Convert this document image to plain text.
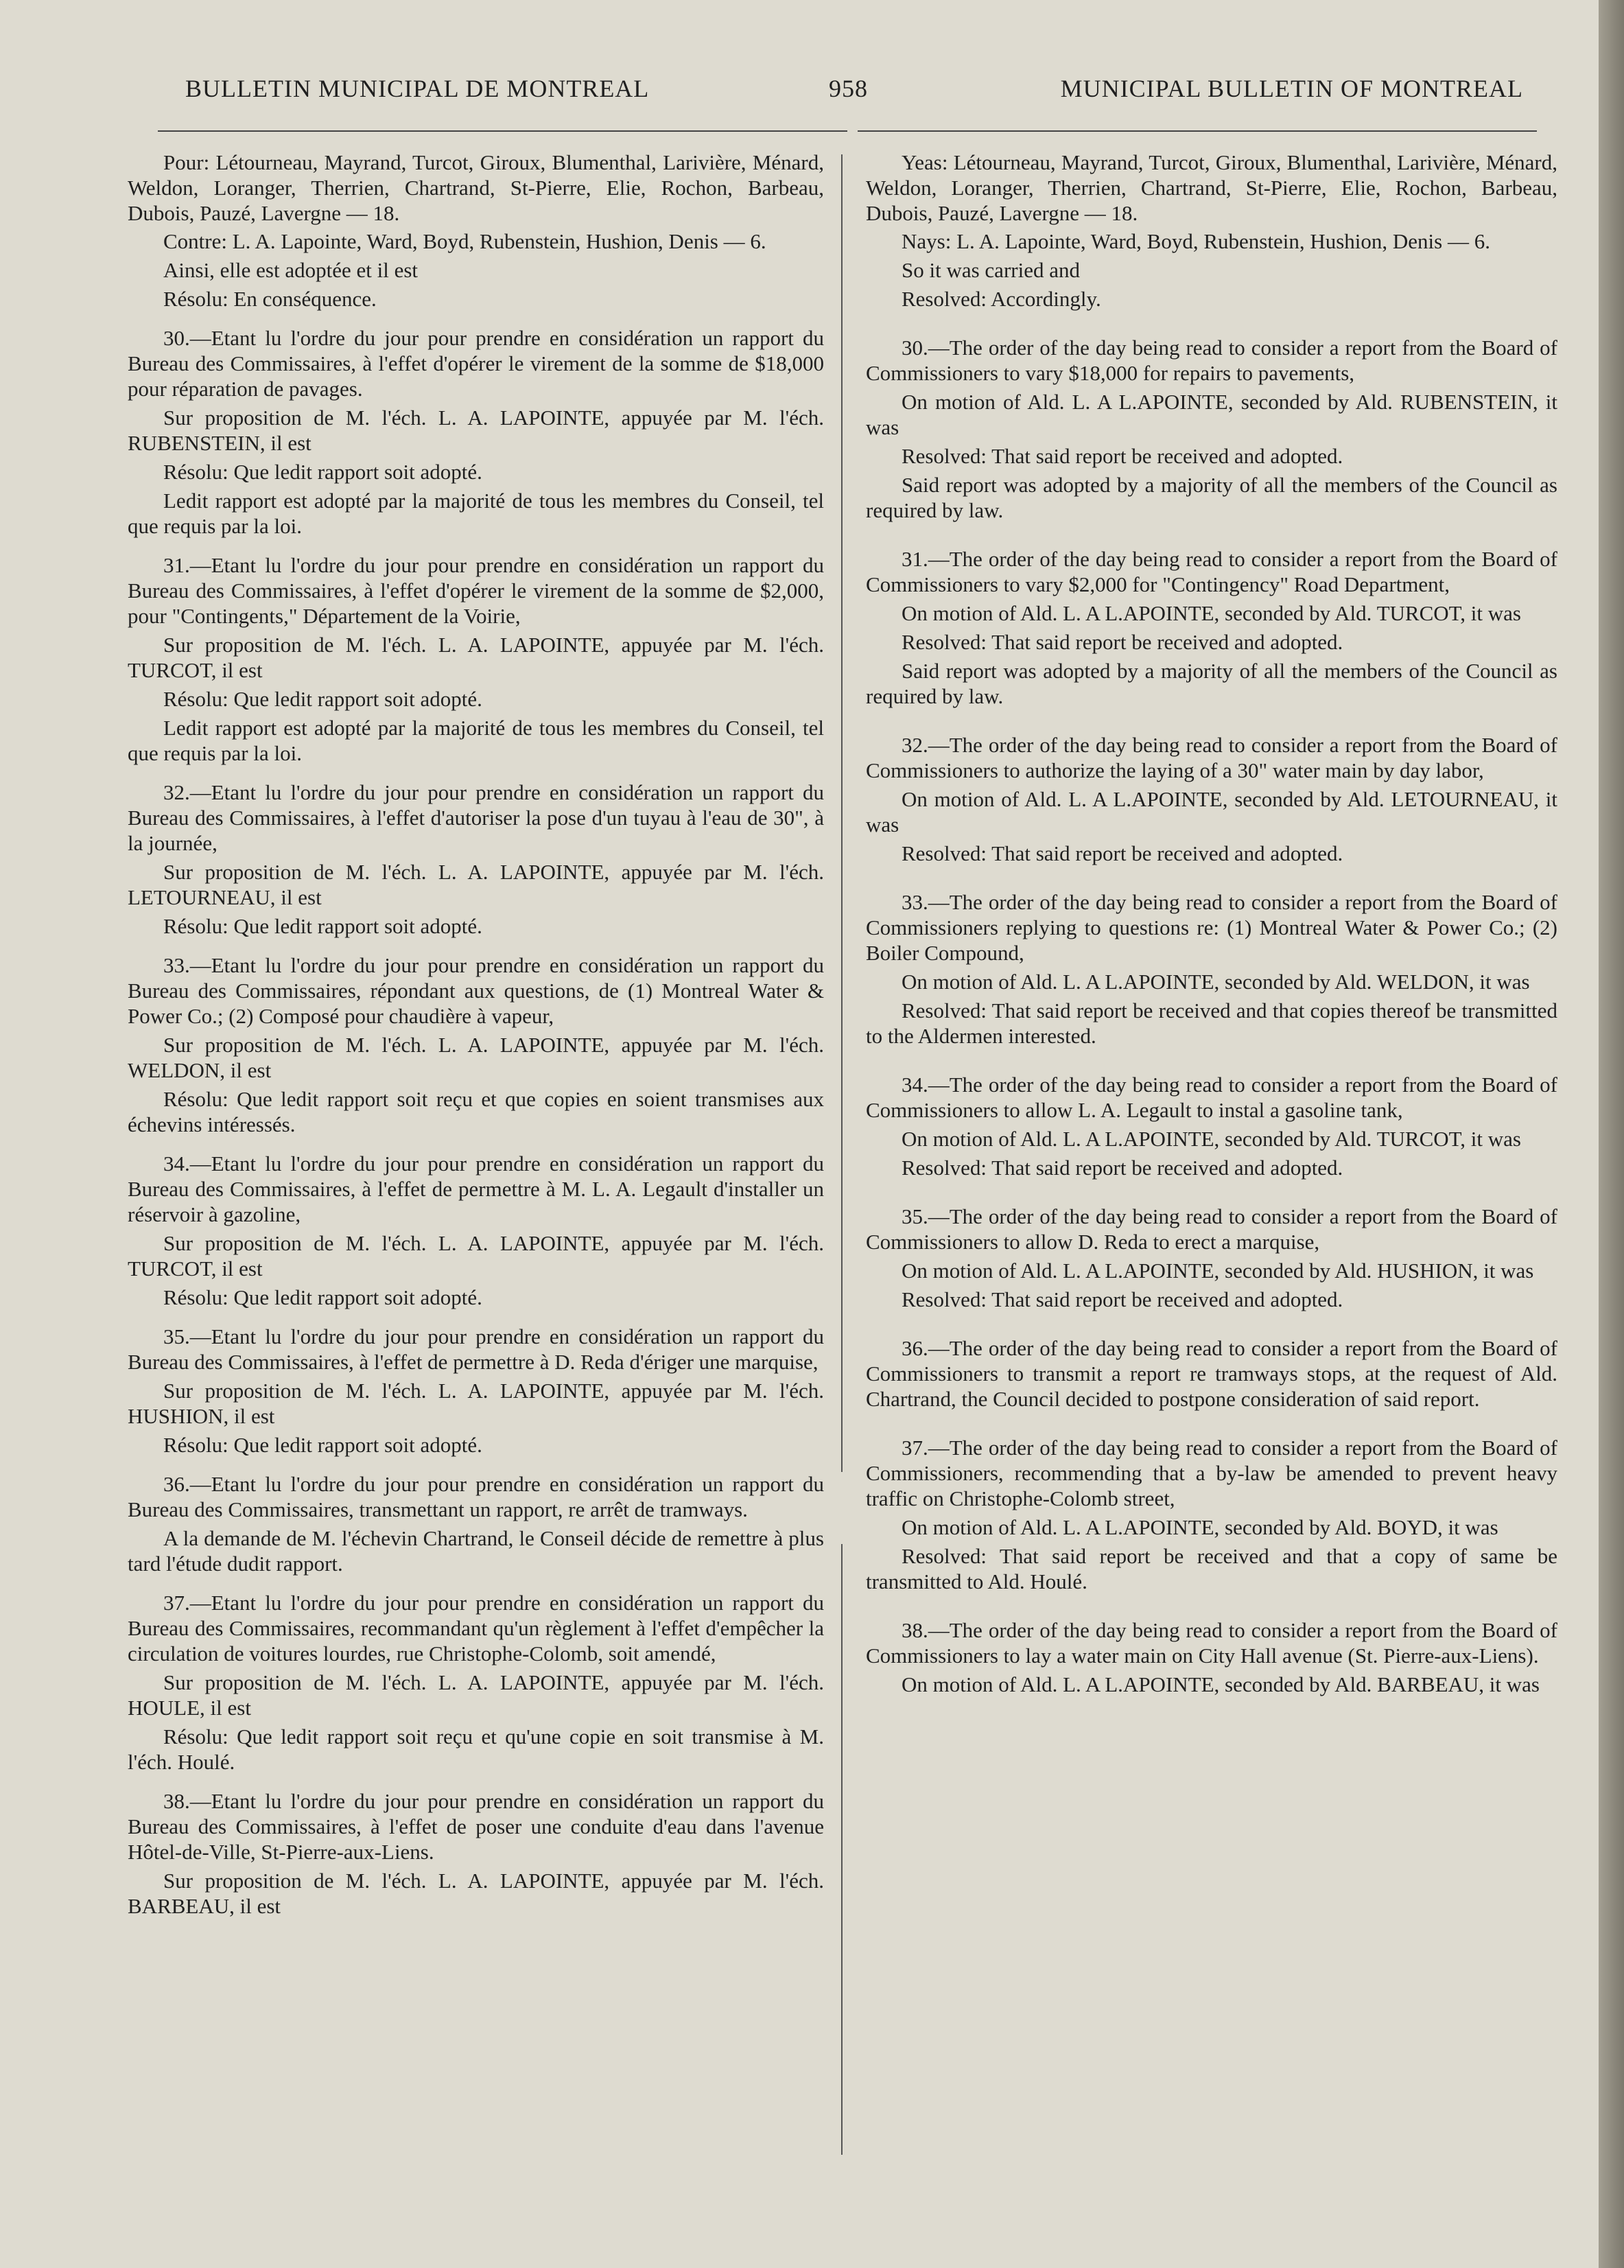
BULLETIN MUNICIPAL DE MONTREAL	958	MUNICIPAL BULLETIN OF MONTREAL

Pour: Létourneau, Mayrand, Turcot, Giroux, Blumenthal, Larivière, Ménard, Weldon, Loranger, Therrien, Chartrand, St-Pierre, Elie, Rochon, Barbeau, Dubois, Pauzé, Lavergne — 18.

Contre: L. A. Lapointe, Ward, Boyd, Rubenstein, Hushion, Denis — 6.

Ainsi, elle est adoptée et il est

Résolu: En conséquence.

30.—Etant lu l'ordre du jour pour prendre en considération un rapport du Bureau des Commissaires, à l'effet d'opérer le virement de la somme de $18,000 pour réparation de pavages.

Sur proposition de M. l'éch. L. A. LAPOINTE, appuyée par M. l'éch. RUBENSTEIN, il est

Résolu: Que ledit rapport soit adopté.

Ledit rapport est adopté par la majorité de tous les membres du Conseil, tel que requis par la loi.

31.—Etant lu l'ordre du jour pour prendre en considération un rapport du Bureau des Commissaires, à l'effet d'opérer le virement de la somme de $2,000, pour "Contingents," Département de la Voirie,

Sur proposition de M. l'éch. L. A. LAPOINTE, appuyée par M. l'éch. TURCOT, il est

Résolu: Que ledit rapport soit adopté.

Ledit rapport est adopté par la majorité de tous les membres du Conseil, tel que requis par la loi.

32.—Etant lu l'ordre du jour pour prendre en considération un rapport du Bureau des Commissaires, à l'effet d'autoriser la pose d'un tuyau à l'eau de 30", à la journée,

Sur proposition de M. l'éch. L. A. LAPOINTE, appuyée par M. l'éch. LETOURNEAU, il est

Résolu: Que ledit rapport soit adopté.

33.—Etant lu l'ordre du jour pour prendre en considération un rapport du Bureau des Commissaires, répondant aux questions, de (1) Montreal Water & Power Co.; (2) Composé pour chaudière à vapeur,

Sur proposition de M. l'éch. L. A. LAPOINTE, appuyée par M. l'éch. WELDON, il est

Résolu: Que ledit rapport soit reçu et que copies en soient transmises aux échevins intéressés.

34.—Etant lu l'ordre du jour pour prendre en considération un rapport du Bureau des Commissaires, à l'effet de permettre à M. L. A. Legault d'installer un réservoir à gazoline,

Sur proposition de M. l'éch. L. A. LAPOINTE, appuyée par M. l'éch. TURCOT, il est

Résolu: Que ledit rapport soit adopté.

35.—Etant lu l'ordre du jour pour prendre en considération un rapport du Bureau des Commissaires, à l'effet de permettre à D. Reda d'ériger une marquise,

Sur proposition de M. l'éch. L. A. LAPOINTE, appuyée par M. l'éch. HUSHION, il est

Résolu: Que ledit rapport soit adopté.

36.—Etant lu l'ordre du jour pour prendre en considération un rapport du Bureau des Commissaires, transmettant un rapport, re arrêt de tramways.

A la demande de M. l'échevin Chartrand, le Conseil décide de remettre à plus tard l'étude dudit rapport.

37.—Etant lu l'ordre du jour pour prendre en considération un rapport du Bureau des Commissaires, recommandant qu'un règlement à l'effet d'empêcher la circulation de voitures lourdes, rue Christophe-Colomb, soit amendé,

Sur proposition de M. l'éch. L. A. LAPOINTE, appuyée par M. l'éch. HOULE, il est

Résolu: Que ledit rapport soit reçu et qu'une copie en soit transmise à M. l'éch. Houlé.

38.—Etant lu l'ordre du jour pour prendre en considération un rapport du Bureau des Commissaires, à l'effet de poser une conduite d'eau dans l'avenue Hôtel-de-Ville, St-Pierre-aux-Liens.

Sur proposition de M. l'éch. L. A. LAPOINTE, appuyée par M. l'éch. BARBEAU, il est

Yeas: Létourneau, Mayrand, Turcot, Giroux, Blumenthal, Larivière, Ménard, Weldon, Loranger, Therrien, Chartrand, St-Pierre, Elie, Rochon, Barbeau, Dubois, Pauzé, Lavergne — 18.

Nays: L. A. Lapointe, Ward, Boyd, Rubenstein, Hushion, Denis — 6.

So it was carried and

Resolved: Accordingly.

30.—The order of the day being read to consider a report from the Board of Commissioners to vary $18,000 for repairs to pavements,

On motion of Ald. L. A L.APOINTE, seconded by Ald. RUBENSTEIN, it was

Resolved: That said report be received and adopted.

Said report was adopted by a majority of all the members of the Council as required by law.

31.—The order of the day being read to consider a report from the Board of Commissioners to vary $2,000 for "Contingency" Road Department,

On motion of Ald. L. A L.APOINTE, seconded by Ald. TURCOT, it was

Resolved: That said report be received and adopted.

Said report was adopted by a majority of all the members of the Council as required by law.

32.—The order of the day being read to consider a report from the Board of Commissioners to authorize the laying of a 30" water main by day labor,

On motion of Ald. L. A L.APOINTE, seconded by Ald. LETOURNEAU, it was

Resolved: That said report be received and adopted.

33.—The order of the day being read to consider a report from the Board of Commissioners replying to questions re: (1) Montreal Water & Power Co.; (2) Boiler Compound,

On motion of Ald. L. A L.APOINTE, seconded by Ald. WELDON, it was

Resolved: That said report be received and that copies thereof be transmitted to the Aldermen interested.

34.—The order of the day being read to consider a report from the Board of Commissioners to allow L. A. Legault to instal a gasoline tank,

On motion of Ald. L. A L.APOINTE, seconded by Ald. TURCOT, it was

Resolved: That said report be received and adopted.

35.—The order of the day being read to consider a report from the Board of Commissioners to allow D. Reda to erect a marquise,

On motion of Ald. L. A L.APOINTE, seconded by Ald. HUSHION, it was

Resolved: That said report be received and adopted.

36.—The order of the day being read to consider a report from the Board of Commissioners to transmit a report re tramways stops, at the request of Ald. Chartrand, the Council decided to postpone consideration of said report.

37.—The order of the day being read to consider a report from the Board of Commissioners, recommending that a by-law be amended to prevent heavy traffic on Christophe-Colomb street,

On motion of Ald. L. A L.APOINTE, seconded by Ald. BOYD, it was

Resolved: That said report be received and that a copy of same be transmitted to Ald. Houlé.

38.—The order of the day being read to consider a report from the Board of Commissioners to lay a water main on City Hall avenue (St. Pierre-aux-Liens).

On motion of Ald. L. A L.APOINTE, seconded by Ald. BARBEAU, it was
